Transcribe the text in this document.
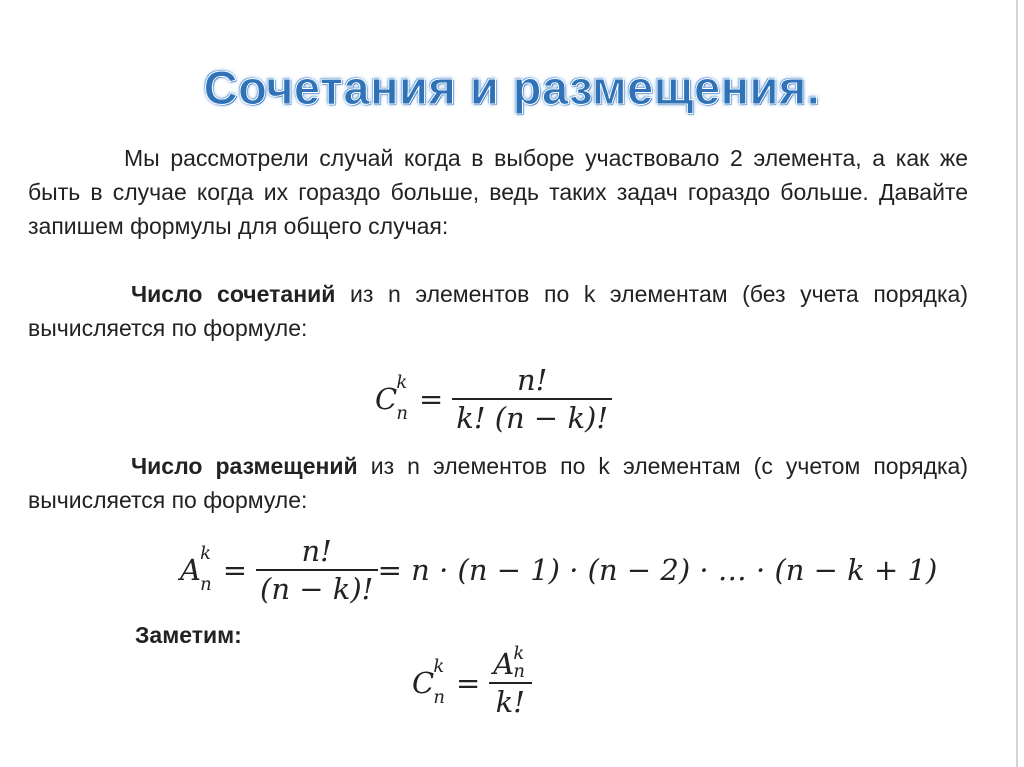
Сочетания и размещения.
Мы рассмотрели случай когда в выборе участвовало 2 элемента, а как же быть в случае когда их гораздо больше, ведь таких задач гораздо больше. Давайте запишем формулы для общего случая:
Число сочетаний из n элементов по k элементам (без учета порядка) вычисляется по формуле:
C k
$n = \frac{n!}{k! (n - k)!}$
Число размещений из n элементов по k элементам (с учетом порядка) вычисляется по формуле:
A k
$n = \frac{n!}{(n - k)!} = n \cdot (n - 1) \cdot (n - 2)$ · … · (n − k + 1)
Заметим:
C k
n = A k
n
k!
